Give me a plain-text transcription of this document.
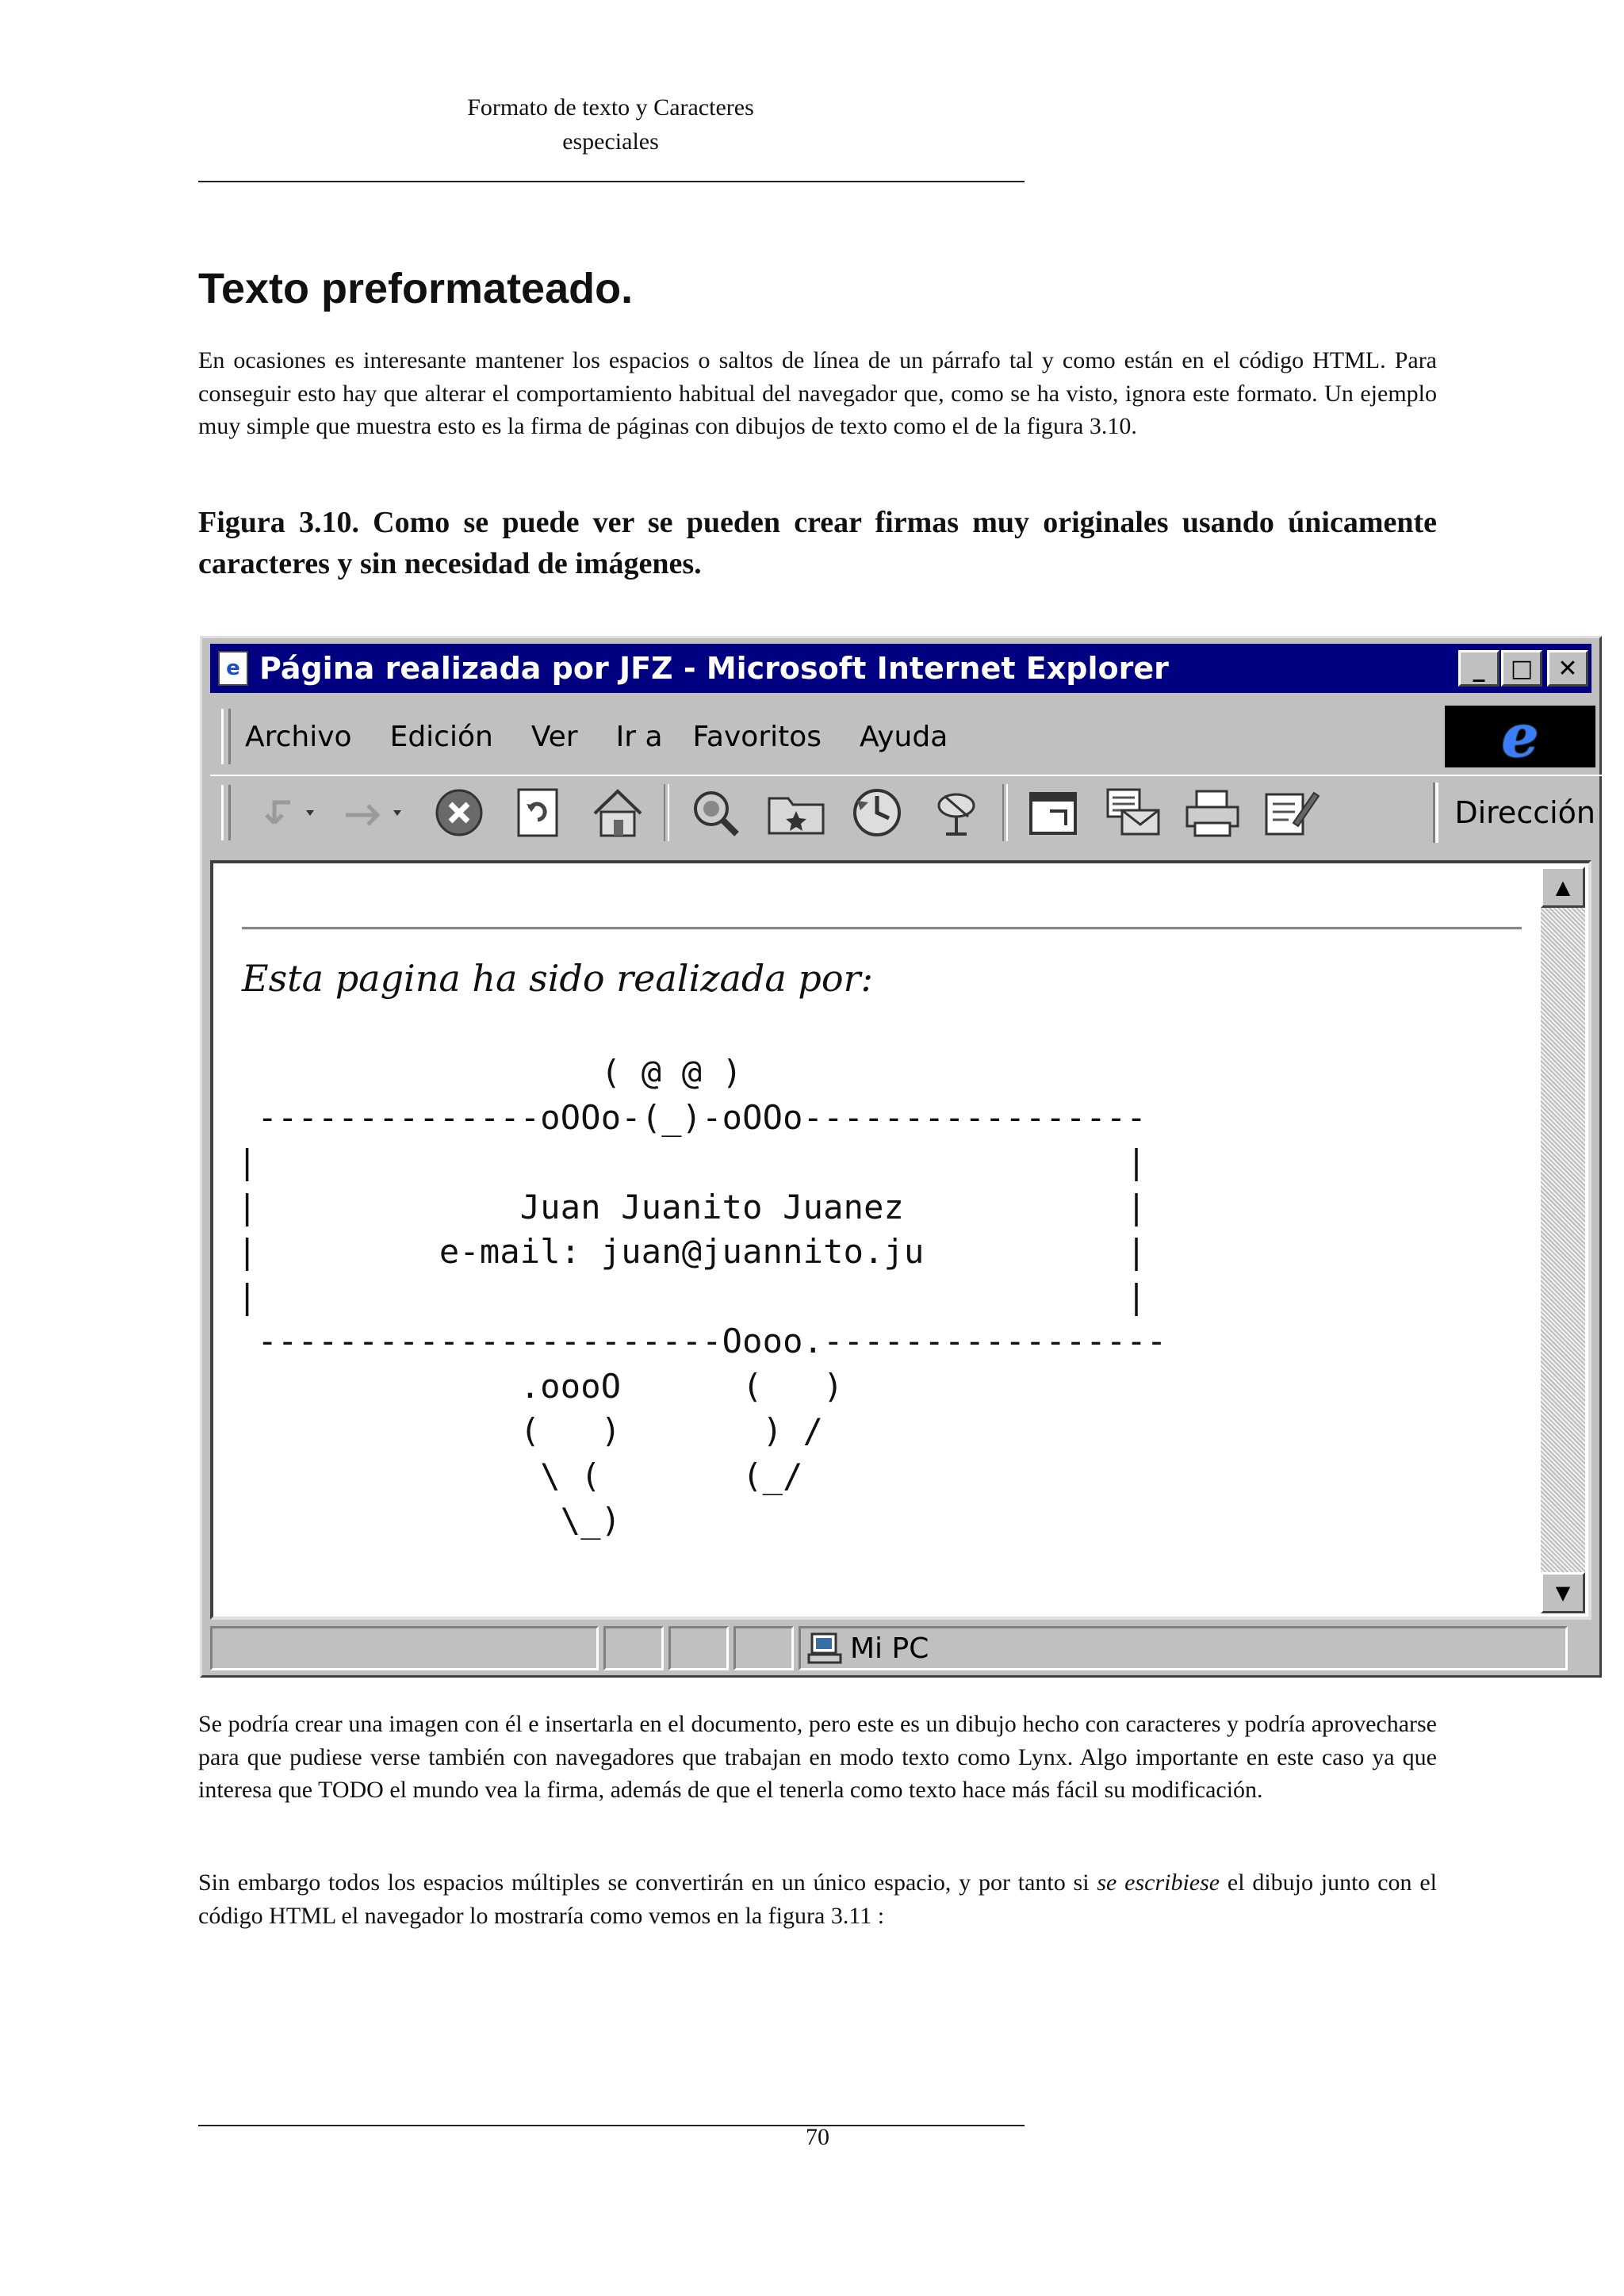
Formato de texto y Caracteres
especiales
Texto preformateado.

En ocasiones es interesante mantener los espacios o saltos de línea de un párrafo tal y como están en el código HTML. Para conseguir esto hay que alterar el comportamiento habitual del navegador que, como se ha visto, ignora este formato. Un ejemplo muy simple que muestra esto es la firma de páginas con dibujos de texto como el de la figura 3.10.

Figura 3.10. Como se puede ver se pueden crear firmas muy originales usando únicamente caracteres y sin necesidad de imágenes.

e Página realizada por JFZ - Microsoft Internet Explorer	_	□	✕
Archivo Edición Ver Ir a Favoritos Ayuda	e
Dirección
Esta pagina ha sido realizada por:
( @ @ )
--------------oOOo-(_)-oOOo-----------------
|                                           |
|             Juan Juanito Juanez           |
|         e-mail: juan@juannito.ju          |
|                                           |
-----------------------Oooo.-----------------
.oooO      (   )
(   )       ) /
\ (       (_/
\_)
▲
▼
Mi PC

Se podría crear una imagen con él e insertarla en el documento, pero este es un dibujo hecho con caracteres y podría aprovecharse para que pudiese verse también con navegadores que trabajan en modo texto como Lynx. Algo importante en este caso ya que interesa que TODO el mundo vea la firma, además de que el tenerla como texto hace más fácil su modificación.

Sin embargo todos los espacios múltiples se convertirán en un único espacio, y por tanto si se escribiese el dibujo junto con el código HTML el navegador lo mostraría como vemos en la figura 3.11 :

70
